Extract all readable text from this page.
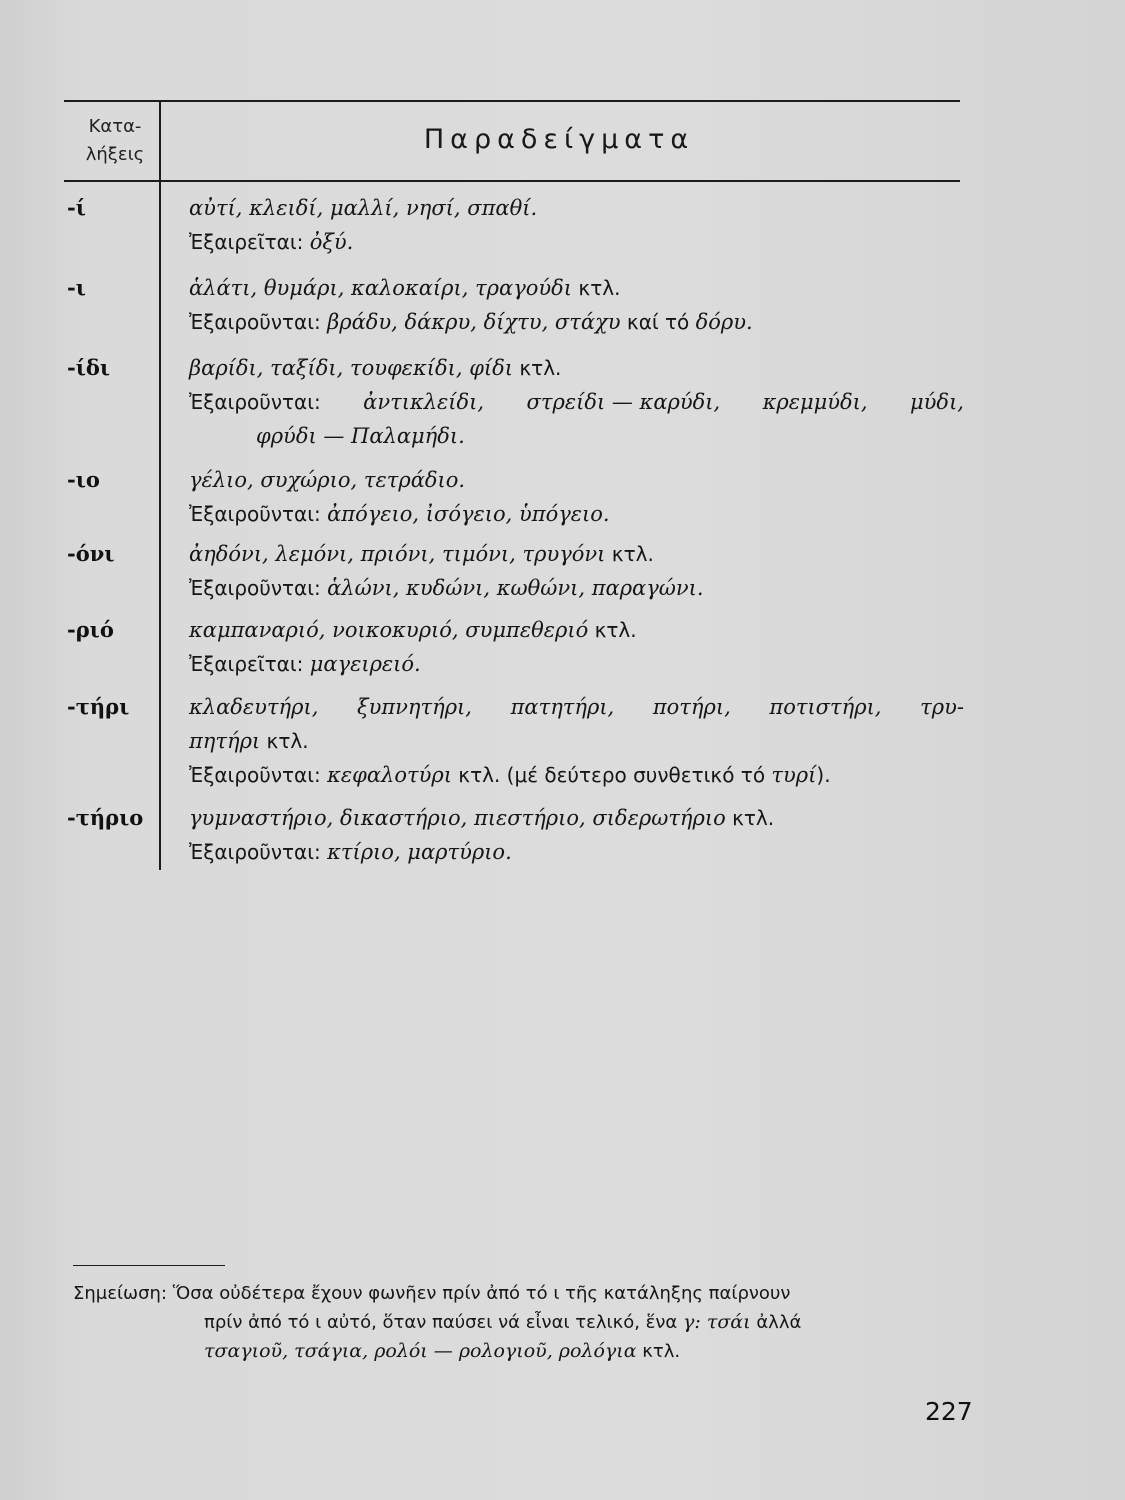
Κατα-
λήξεις	Παραδείγματα
-ί	αὐτί, κλειδί, μαλλί, νησί, σπαθί.
Ἐξαιρεῖται: ὀξύ.
-ι	ἁλάτι, θυμάρι, καλοκαίρι, τραγούδι κτλ.
Ἐξαιροῦνται: βράδυ, δάκρυ, δίχτυ, στάχυ καί τό δόρυ.
-ίδι	βαρίδι, ταξίδι, τουφεκίδι, φίδι κτλ.
Ἐξαιροῦνται: ἀντικλείδι, στρείδι — καρύδι, κρεμμύδι, μύδι,
φρύδι — Παλαμήδι.
-ιο	γέλιο, συχώριο, τετράδιο.
Ἐξαιροῦνται: ἀπόγειο, ἰσόγειο, ὑπόγειο.
-όνι	ἀηδόνι, λεμόνι, πριόνι, τιμόνι, τρυγόνι κτλ.
Ἐξαιροῦνται: ἁλώνι, κυδώνι, κωθώνι, παραγώνι.
-ριό	καμπαναριό, νοικοκυριό, συμπεθεριό κτλ.
Ἐξαιρεῖται: μαγειρειό.
-τήρι	κλαδευτήρι, ξυπνητήρι, πατητήρι, ποτήρι, ποτιστήρι, τρυ-
πητήρι κτλ.
Ἐξαιροῦνται: κεφαλοτύρι κτλ. (μέ δεύτερο συνθετικό τό τυρί).
-τήριο γυμναστήριο, δικαστήριο, πιεστήριο, σιδερωτήριο κτλ.
Ἐξαιροῦνται: κτίριο, μαρτύριο.
Σημείωση: Ὅσα οὐδέτερα ἔχουν φωνῆεν πρίν ἀπό τό ι τῆς κατάληξης παίρνουν
πρίν ἀπό τό ι αὐτό, ὅταν παύσει νά εἶναι τελικό, ἕνα γ: τσάι ἀλλά
τσαγιοῦ, τσάγια, ρολόι — ρολογιοῦ, ρολόγια κτλ.
227
